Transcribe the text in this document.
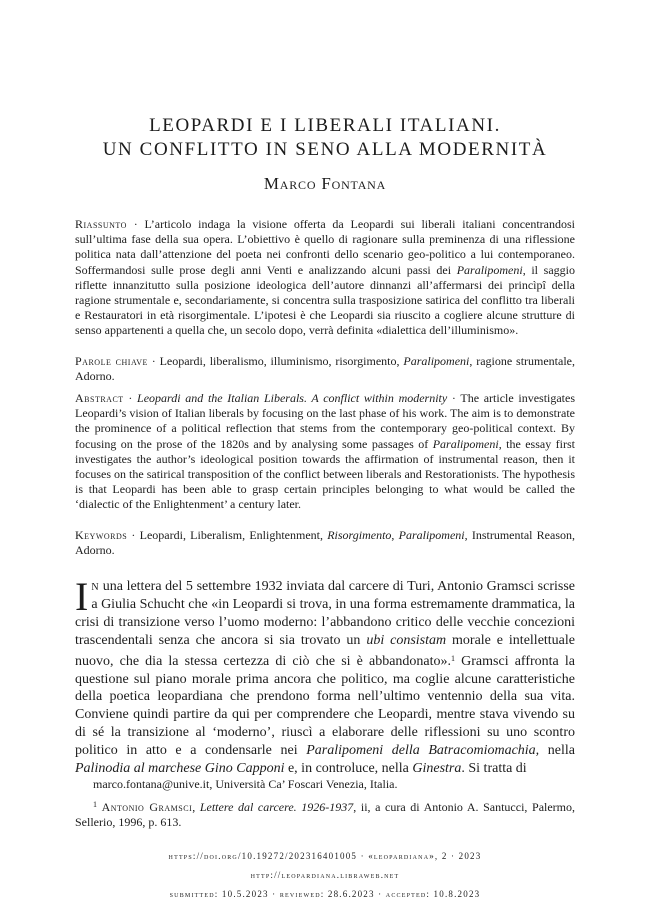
LEOPARDI E I LIBERALI ITALIANI.
UN CONFLITTO IN SENO ALLA MODERNITÀ
Marco Fontana
Riassunto · L’articolo indaga la visione offerta da Leopardi sui liberali italiani concentrandosi sull’ultima fase della sua opera. L’obiettivo è quello di ragionare sulla preminenza di una riflessione politica nata dall’attenzione del poeta nei confronti dello scenario geo-politico a lui contemporaneo. Soffermandosi sulle prose degli anni Venti e analizzando alcuni passi dei Paralipomeni, il saggio riflette innanzitutto sulla posizione ideologica dell’autore dinnanzi all’affermarsi dei princìpî della ragione strumentale e, secondariamente, si concentra sulla trasposizione satirica del conflitto tra liberali e Restauratori in età risorgimentale. L’ipotesi è che Leopardi sia riuscito a cogliere alcune strutture di senso appartenenti a quella che, un secolo dopo, verrà definita «dialettica dell’illuminismo».
Parole chiave · Leopardi, liberalismo, illuminismo, risorgimento, Paralipomeni, ragione strumentale, Adorno.
Abstract · Leopardi and the Italian Liberals. A conflict within modernity · The article investigates Leopardi’s vision of Italian liberals by focusing on the last phase of his work. The aim is to demonstrate the prominence of a political reflection that stems from the contemporary geo-political context. By focusing on the prose of the 1820s and by analysing some passages of Paralipomeni, the essay first investigates the author’s ideological position towards the affirmation of instrumental reason, then it focuses on the satirical transposition of the conflict between liberals and Restorationists. The hypothesis is that Leopardi has been able to grasp certain principles belonging to what would be called the ‘dialectic of the Enlightenment’ a century later.
Keywords · Leopardi, Liberalism, Enlightenment, Risorgimento, Paralipomeni, Instrumental Reason, Adorno.
In una lettera del 5 settembre 1932 inviata dal carcere di Turi, Antonio Gramsci scrisse a Giulia Schucht che «in Leopardi si trova, in una forma estremamente drammatica, la crisi di transizione verso l’uomo moderno: l’abbandono critico delle vecchie concezioni trascendentali senza che ancora si sia trovato un ubi consistam morale e intellettuale nuovo, che dia la stessa certezza di ciò che si è abbandonato».$^1$ Gramsci affronta la questione sul piano morale prima ancora che politico, ma coglie alcune caratteristiche della poetica leopardiana che prendono forma nell’ultimo ventennio della sua vita. Conviene quindi partire da qui per comprendere che Leopardi, mentre stava vivendo su di sé la transizione al ‘moderno’, riuscì a elaborare delle riflessioni su uno scontro politico in atto e a condensarle nei Paralipomeni della Batracomiomachia, nella Palinodia al marchese Gino Capponi e, in controluce, nella Ginestra. Si tratta di
marco.fontana@unive.it, Università Ca’ Foscari Venezia, Italia.
$^1$ Antonio Gramsci, Lettere dal carcere. 1926-1937, ii, a cura di Antonio A. Santucci, Palermo, Sellerio, 1996, p. 613.
https://doi.org/10.19272/202316401005 · «leopardiana», 2 · 2023
http://leopardiana.libraweb.net
submitted: 10.5.2023 · reviewed: 28.6.2023 · accepted: 10.8.2023
